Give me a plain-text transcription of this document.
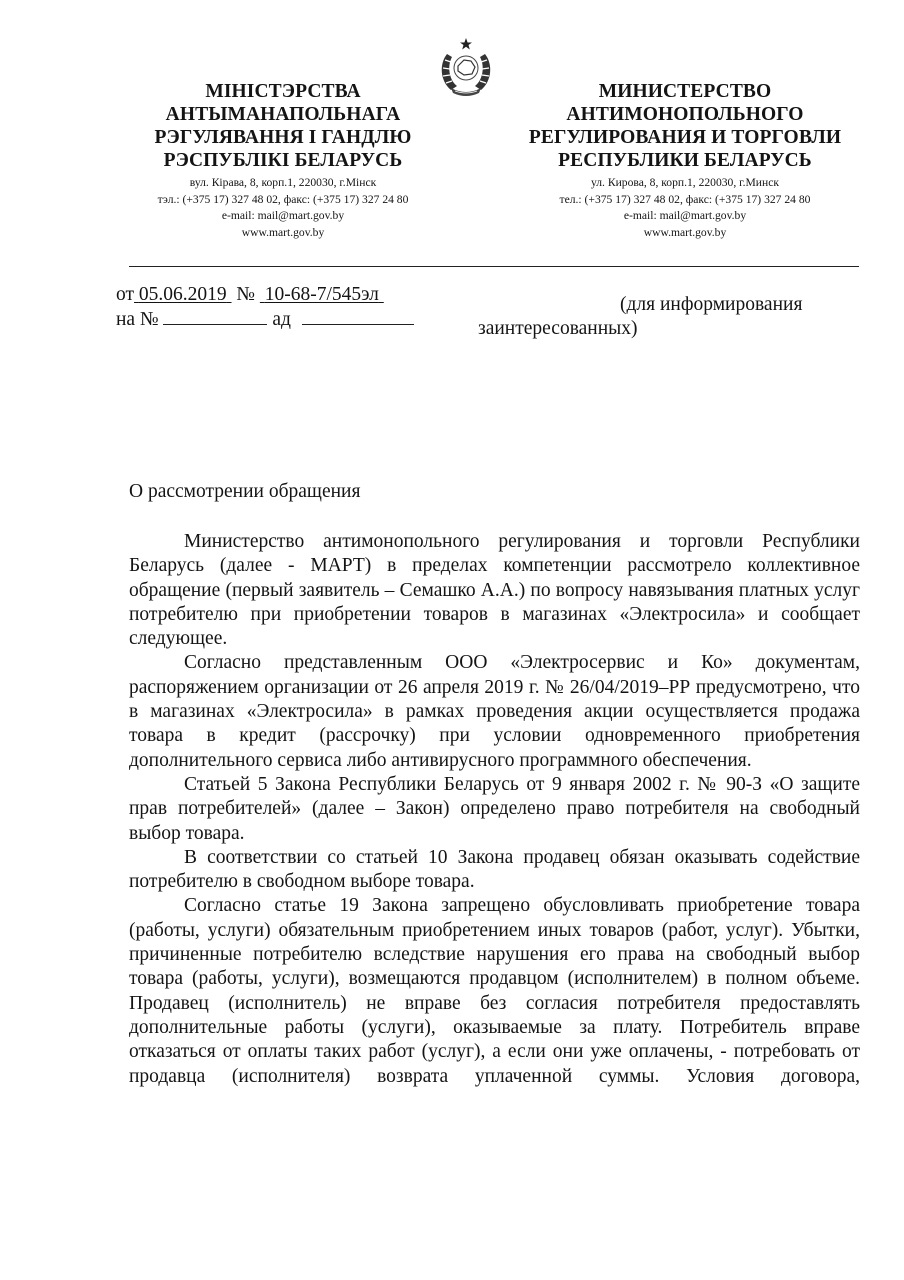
МІНІСТЭРСТВА
АНТЫМАНАПОЛЬНАГА
РЭГУЛЯВАННЯ І ГАНДЛЮ
РЭСПУБЛІКІ БЕЛАРУСЬ
вул. Кірава, 8, корп.1, 220030, г.Мінск
тэл.: (+375 17) 327 48 02, факс: (+375 17) 327 24 80
e-mail: mail@mart.gov.by
www.mart.gov.by
МИНИСТЕРСТВО
АНТИМОНОПОЛЬНОГО
РЕГУЛИРОВАНИЯ И ТОРГОВЛИ
РЕСПУБЛИКИ БЕЛАРУСЬ
ул. Кирова, 8, корп.1, 220030, г.Минск
тел.: (+375 17) 327 48 02, факс: (+375 17) 327 24 80
e-mail: mail@mart.gov.by
www.mart.gov.by
от 05.06.2019 № 10-68-7/545эл
на №	ад
(для информирования
заинтересованных)
О рассмотрении обращения

Министерство антимонопольного регулирования и торговли Республики Беларусь (далее - МАРТ) в пределах компетенции рассмотрело коллективное обращение (первый заявитель – Семашко А.А.) по вопросу навязывания платных услуг потребителю при приобретении товаров в магазинах «Электросила» и сообщает следующее.

Согласно представленным ООО «Электросервис и Ко» документам, распоряжением организации от 26 апреля 2019 г. № 26/04/2019–РР предусмотрено, что в магазинах «Электросила» в рамках проведения акции осуществляется продажа товара в кредит (рассрочку) при условии одновременного приобретения дополнительного сервиса либо антивирусного программного обеспечения.

Статьей 5 Закона Республики Беларусь от 9 января 2002 г. № 90-З «О защите прав потребителей» (далее – Закон) определено право потребителя на свободный выбор товара.

В соответствии со статьей 10 Закона продавец обязан оказывать содействие потребителю в свободном выборе товара.

Согласно статье 19 Закона запрещено обусловливать приобретение товара (работы, услуги) обязательным приобретением иных товаров (работ, услуг). Убытки, причиненные потребителю вследствие нарушения его права на свободный выбор товара (работы, услуги), возмещаются продавцом (исполнителем) в полном объеме. Продавец (исполнитель) не вправе без согласия потребителя предоставлять дополнительные работы (услуги), оказываемые за плату. Потребитель вправе отказаться от оплаты таких работ (услуг), а если они уже оплачены, - потребовать от продавца (исполнителя) возврата уплаченной суммы. Условия договора,
